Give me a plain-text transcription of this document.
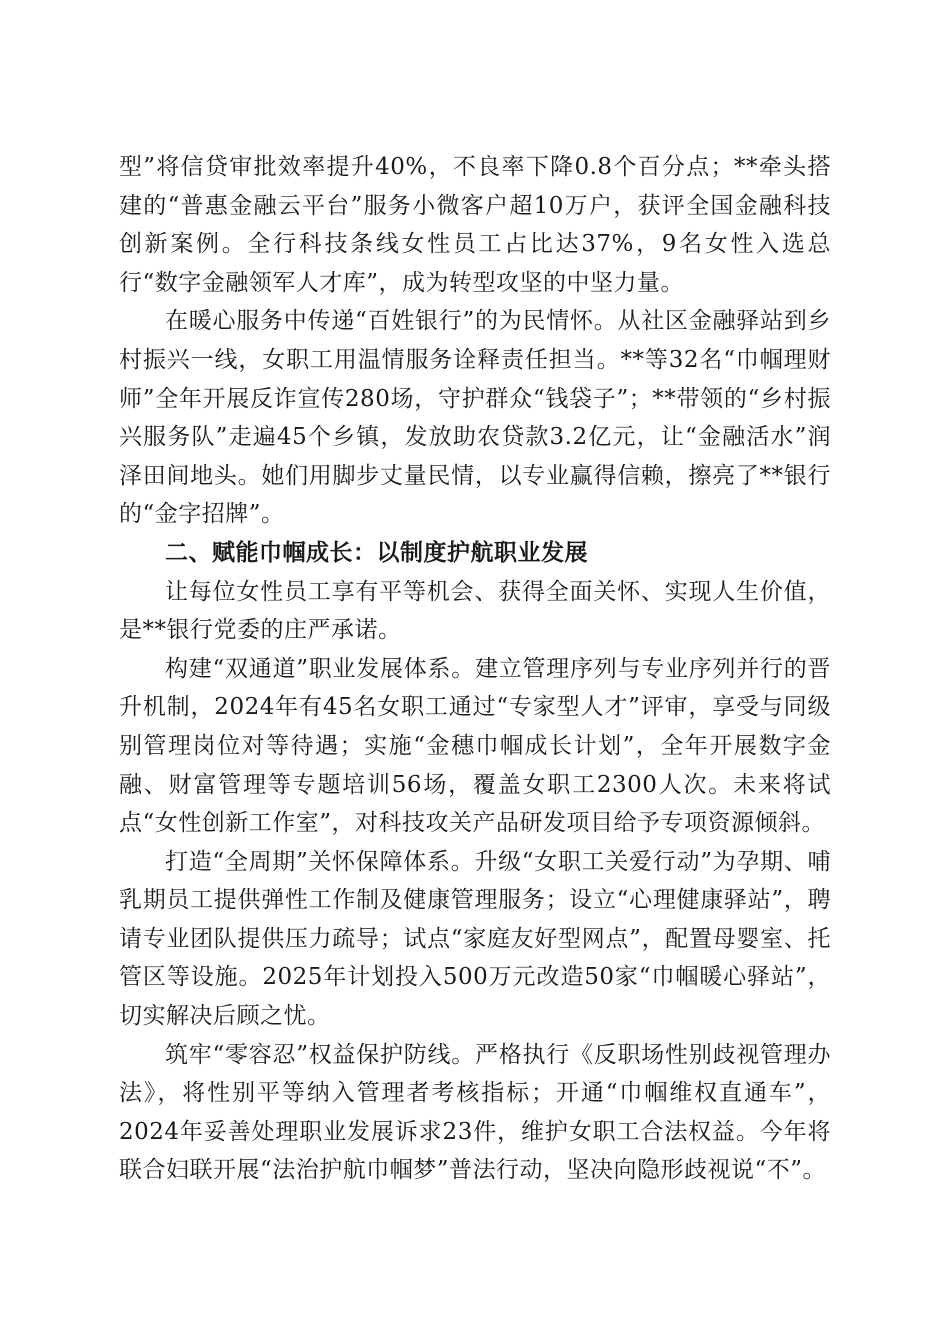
型”将信贷审批效率提升40%，不良率下降0.8个百分点；**牵头搭建的“普惠金融云平台”服务小微客户超10万户，获评全国金融科技创新案例。全行科技条线女性员工占比达37%，9名女性入选总行“数字金融领军人才库”，成为转型攻坚的中坚力量。

在暖心服务中传递“百姓银行”的为民情怀。从社区金融驿站到乡村振兴一线，女职工用温情服务诠释责任担当。**等32名“巾帼理财师”全年开展反诈宣传280场，守护群众“钱袋子”；**带领的“乡村振兴服务队”走遍45个乡镇，发放助农贷款3.2亿元，让“金融活水”润泽田间地头。她们用脚步丈量民情，以专业赢得信赖，擦亮了**银行的“金字招牌”。

二、赋能巾帼成长：以制度护航职业发展

让每位女性员工享有平等机会、获得全面关怀、实现人生价值，是**银行党委的庄严承诺。

构建“双通道”职业发展体系。建立管理序列与专业序列并行的晋升机制，2024年有45名女职工通过“专家型人才”评审，享受与同级别管理岗位对等待遇；实施“金穗巾帼成长计划”，全年开展数字金融、财富管理等专题培训56场，覆盖女职工2300人次。未来将试点“女性创新工作室”，对科技攻关产品研发项目给予专项资源倾斜。

打造“全周期”关怀保障体系。升级“女职工关爱行动”为孕期、哺乳期员工提供弹性工作制及健康管理服务；设立“心理健康驿站”，聘请专业团队提供压力疏导；试点“家庭友好型网点”，配置母婴室、托管区等设施。2025年计划投入500万元改造50家“巾帼暖心驿站”，切实解决后顾之忧。

筑牢“零容忍”权益保护防线。严格执行《反职场性别歧视管理办法》，将性别平等纳入管理者考核指标；开通“巾帼维权直通车”，2024年妥善处理职业发展诉求23件，维护女职工合法权益。今年将联合妇联开展“法治护航巾帼梦”普法行动，坚决向隐形歧视说“不”。
